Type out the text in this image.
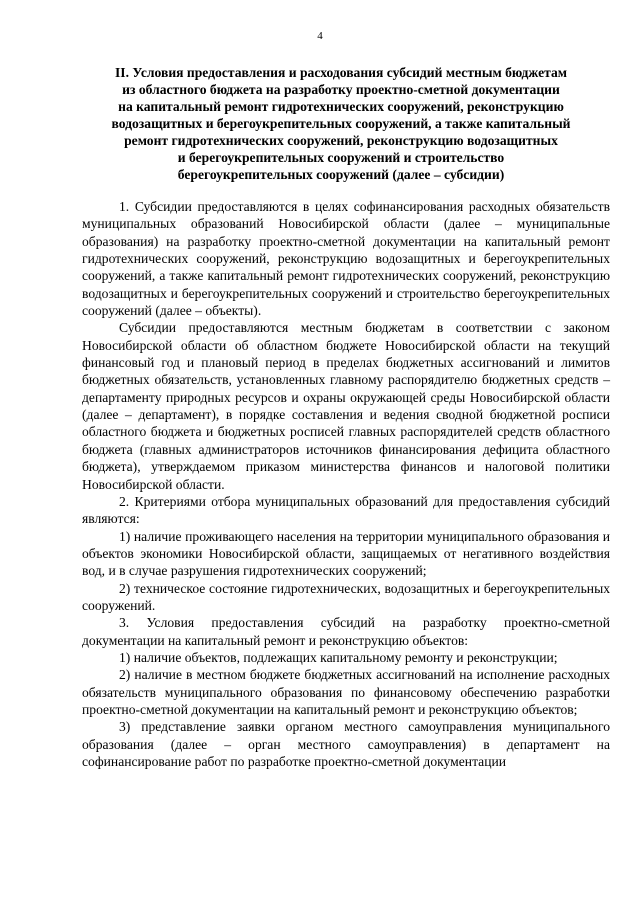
4
II. Условия предоставления и расходования субсидий местным бюджетам
из областного бюджета на разработку проектно-сметной документации
на капитальный ремонт гидротехнических сооружений, реконструкцию
водозащитных и берегоукрепительных сооружений, а также капитальный
ремонт гидротехнических сооружений, реконструкцию водозащитных
и берегоукрепительных сооружений и строительство
берегоукрепительных сооружений (далее – субсидии)

1. Субсидии предоставляются в целях софинансирования расходных обязательств муниципальных образований Новосибирской области (далее – муниципальные образования) на разработку проектно-сметной документации на капитальный ремонт гидротехнических сооружений, реконструкцию водозащитных и берегоукрепительных сооружений, а также капитальный ремонт гидротехнических сооружений, реконструкцию водозащитных и берегоукрепительных сооружений и строительство берегоукрепительных сооружений (далее – объекты).

Субсидии предоставляются местным бюджетам в соответствии с законом Новосибирской области об областном бюджете Новосибирской области на текущий финансовый год и плановый период в пределах бюджетных ассигнований и лимитов бюджетных обязательств, установленных главному распорядителю бюджетных средств – департаменту природных ресурсов и охраны окружающей среды Новосибирской области (далее – департамент), в порядке составления и ведения сводной бюджетной росписи областного бюджета и бюджетных росписей главных распорядителей средств областного бюджета (главных администраторов источников финансирования дефицита областного бюджета), утверждаемом приказом министерства финансов и налоговой политики Новосибирской области.

2. Критериями отбора муниципальных образований для предоставления субсидий являются:

1) наличие проживающего населения на территории муниципального образования и объектов экономики Новосибирской области, защищаемых от негативного воздействия вод, и в случае разрушения гидротехнических сооружений;

2) техническое состояние гидротехнических, водозащитных и берегоукрепительных сооружений.

3. Условия предоставления субсидий на разработку проектно-сметной документации на капитальный ремонт и реконструкцию объектов:

1) наличие объектов, подлежащих капитальному ремонту и реконструкции;

2) наличие в местном бюджете бюджетных ассигнований на исполнение расходных обязательств муниципального образования по финансовому обеспечению разработки проектно-сметной документации на капитальный ремонт и реконструкцию объектов;

3) представление заявки органом местного самоуправления муниципального образования (далее – орган местного самоуправления) в департамент на софинансирование работ по разработке проектно-сметной документации
